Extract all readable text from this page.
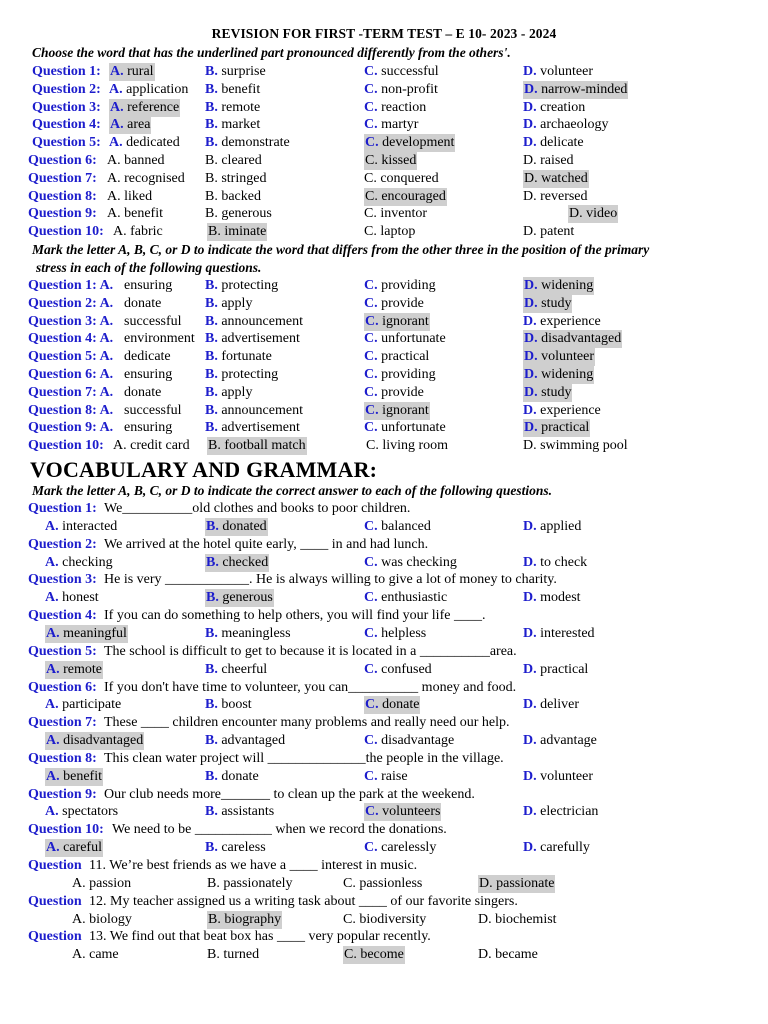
REVISION FOR FIRST -TERM TEST – E 10- 2023 - 2024
Choose the word that has the underlined part pronounced differently from the others'.
Question 1: A. rural	B. surprise	C. successful	D. volunteer
Question 2: A. application B. benefit	C. non-profit	D. narrow-minded
Question 3: A. reference B. remote	C. reaction	D. creation
Question 4: A. area	B. market	C. martyr	D. archaeology
Question 5: A. dedicated B. demonstrate	C. development	D. delicate
Question 6: A. banned	B. cleared	C. kissed	D. raised
Question 7: A. recognised B. stringed	C. conquered	D. watched
Question 8: A. liked	B. backed	C. encouraged	D. reversed
Question 9: A. benefit	B. generous	C. inventor	D. video
Question 10: A. fabric	B. iminate	C. laptop	D. patent
Mark the letter A, B, C, or D to indicate the word that differs from the other three in the position of the primary
stress in each of the following questions.
Question 1: A. ensuring B. protecting	C. providing	D. widening
Question 2: A. donate	B. apply	C. provide	D. study
Question 3: A. successful B. announcement	C. ignorant	D. experience
Question 4: A. environment B. advertisement	C. unfortunate	D. disadvantaged
Question 5: A. dedicate B. fortunate	C. practical	D. volunteer
Question 6: A. ensuring B. protecting	C. providing	D. widening
Question 7: A. donate	B. apply	C. provide	D. study
Question 8: A. successful B. announcement	C. ignorant	D. experience
Question 9: A. ensuring B. advertisement	C. unfortunate	D. practical
Question 10: A. credit card B. football match	C. living room	D. swimming pool
VOCABULARY AND GRAMMAR:
Mark the letter A, B, C, or D to indicate the correct answer to each of the following questions.
Question 1: We__________old clothes and books to poor children.
A. interacted	B. donated	C. balanced	D. applied
Question 2: We arrived at the hotel quite early, ____ in and had lunch.
A. checking	B. checked	C. was checking	D. to check
Question 3: He is very ____________. He is always willing to give a lot of money to charity.
A. honest	B. generous	C. enthusiastic	D. modest
Question 4: If you can do something to help others, you will find your life ____.
A. meaningful	B. meaningless	C. helpless	D. interested
Question 5: The school is difficult to get to because it is located in a __________area.
A. remote	B. cheerful	C. confused	D. practical
Question 6: If you don't have time to volunteer, you can__________ money and food.
A. participate	B. boost	C. donate	D. deliver
Question 7: These ____ children encounter many problems and really need our help.
A. disadvantaged	B. advantaged	C. disadvantage	D. advantage
Question 8: This clean water project will ______________the people in the village.
A. benefit	B. donate	C. raise	D. volunteer
Question 9: Our club needs more_______ to clean up the park at the weekend.
A. spectators	B. assistants	C. volunteers	D. electrician
Question 10: We need to be ___________ when we record the donations.
A. careful	B. careless	C. carelessly	D. carefully
Question 11. We’re best friends as we have a ____ interest in music.
A. passion	B. passionately	C. passionless	D. passionate
Question 12. My teacher assigned us a writing task about ____ of our favorite singers.
A. biology	B. biography	C. biodiversity	D. biochemist
Question 13. We find out that beat box has ____ very popular recently.
A. came	B. turned	C. become	D. became
